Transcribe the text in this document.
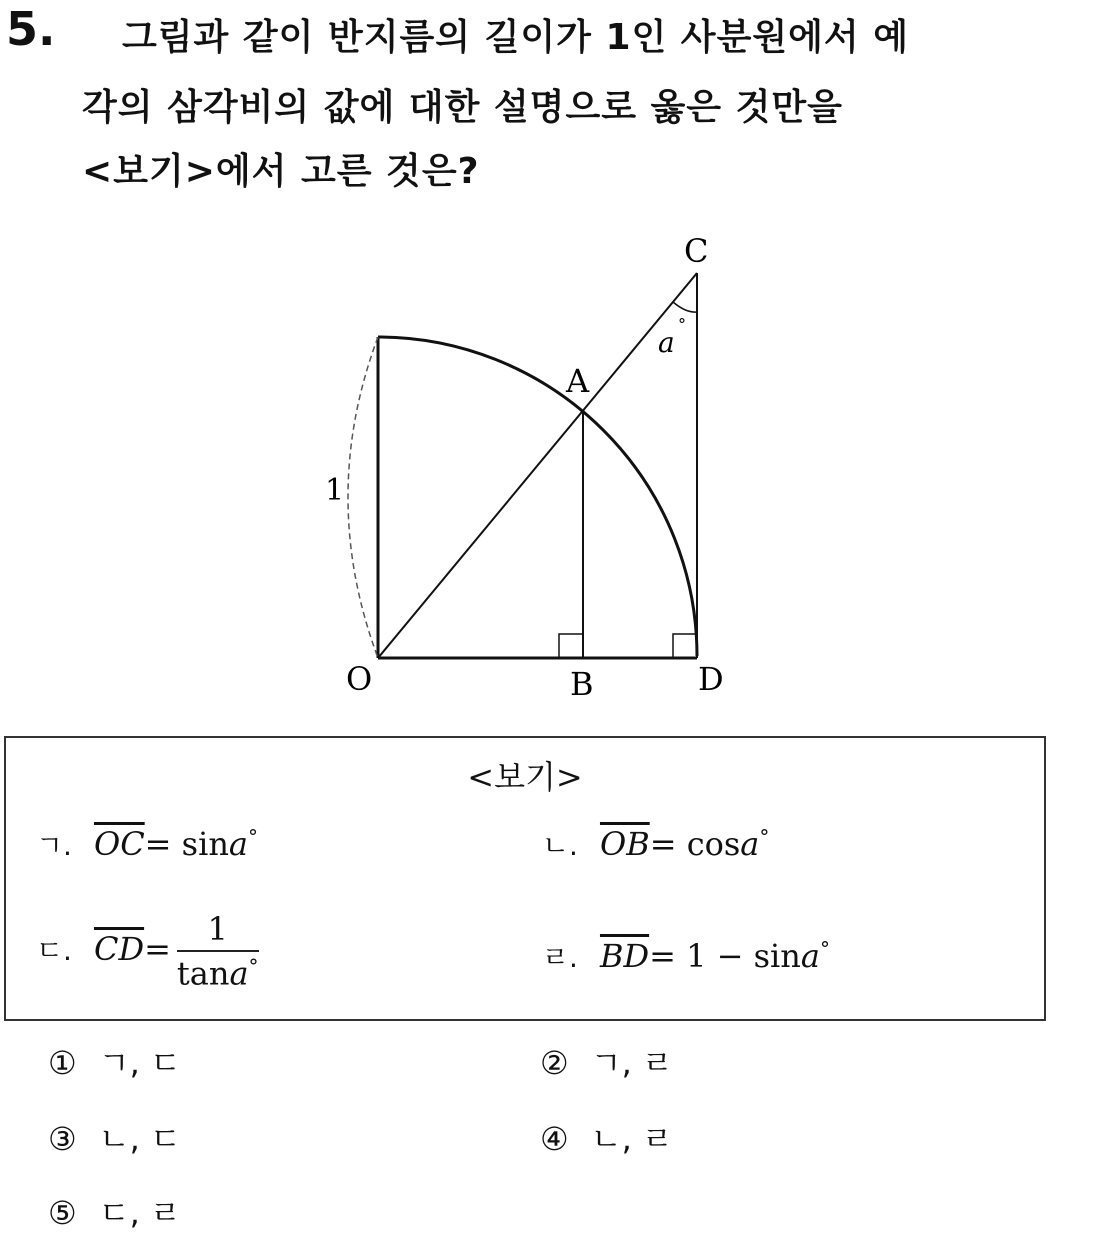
5. 그림과 같이 반지름의 길이가 1인 사분원에서 예
각의 삼각비의 값에 대한 설명으로 옳은 것만을
<보기>에서 고른 것은?
O	B	D
A
C
1
a
°
<보기>
ㄱ. $\overline{OC}= \sin a^\circ$	ㄴ. $\overline{OB}= \cos a^\circ$
ㄷ. $\overline{CD}= \frac{1}{\tan a^\circ}$	ㄹ. $\overline{BD}= 1 - \sin a^\circ$
① ㄱ, ㄷ	② ㄱ, ㄹ
③ ㄴ, ㄷ	④ ㄴ, ㄹ
⑤ ㄷ, ㄹ
